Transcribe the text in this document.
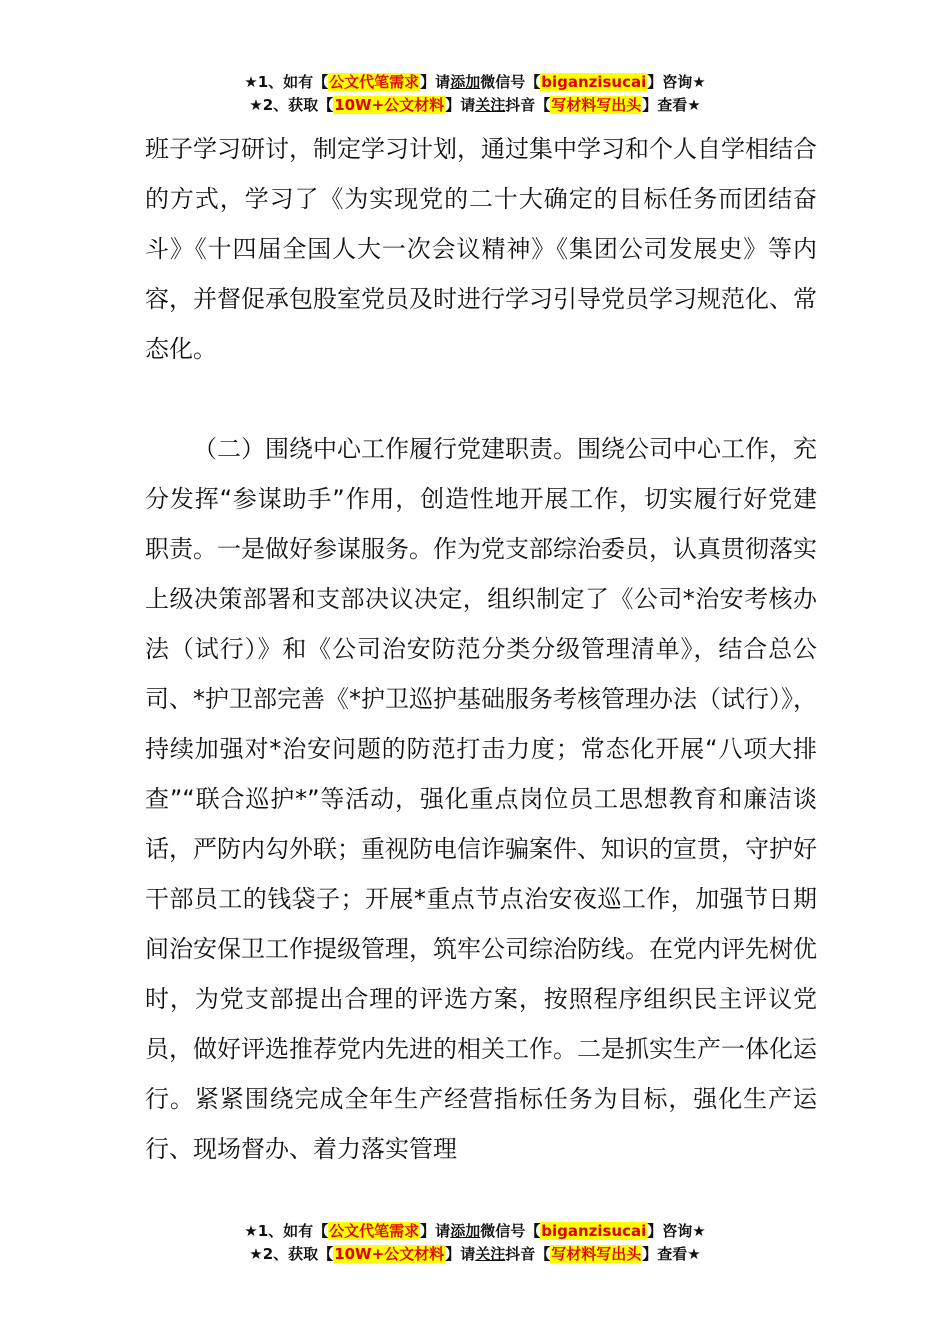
★1、如有【公文代笔需求】请添加微信号【biganzisucai】咨询★
★2、获取【10W+公文材料】请关注抖音【写材料写出头】查看★

班子学习研讨，制定学习计划，通过集中学习和个人自学相结合的方式，学习了《为实现党的二十大确定的目标任务而团结奋斗》《十四届全国人大一次会议精神》《集团公司发展史》等内容，并督促承包股室党员及时进行学习引导党员学习规范化、常态化。

（二）围绕中心工作履行党建职责。围绕公司中心工作，充分发挥“参谋助手”作用，创造性地开展工作，切实履行好党建职责。一是做好参谋服务。作为党支部综治委员，认真贯彻落实上级决策部署和支部决议决定，组织制定了《公司*治安考核办法（试行）》和《公司治安防范分类分级管理清单》，结合总公司、*护卫部完善《*护卫巡护基础服务考核管理办法（试行）》，持续加强对*治安问题的防范打击力度；常态化开展“八项大排查”“联合巡护*”等活动，强化重点岗位员工思想教育和廉洁谈话，严防内勾外联；重视防电信诈骗案件、知识的宣贯，守护好干部员工的钱袋子；开展*重点节点治安夜巡工作，加强节日期间治安保卫工作提级管理，筑牢公司综治防线。在党内评先树优时，为党支部提出合理的评选方案，按照程序组织民主评议党员，做好评选推荐党内先进的相关工作。二是抓实生产一体化运行。紧紧围绕完成全年生产经营指标任务为目标，强化生产运行、现场督办、着力落实管理

★1、如有【公文代笔需求】请添加微信号【biganzisucai】咨询★
★2、获取【10W+公文材料】请关注抖音【写材料写出头】查看★
